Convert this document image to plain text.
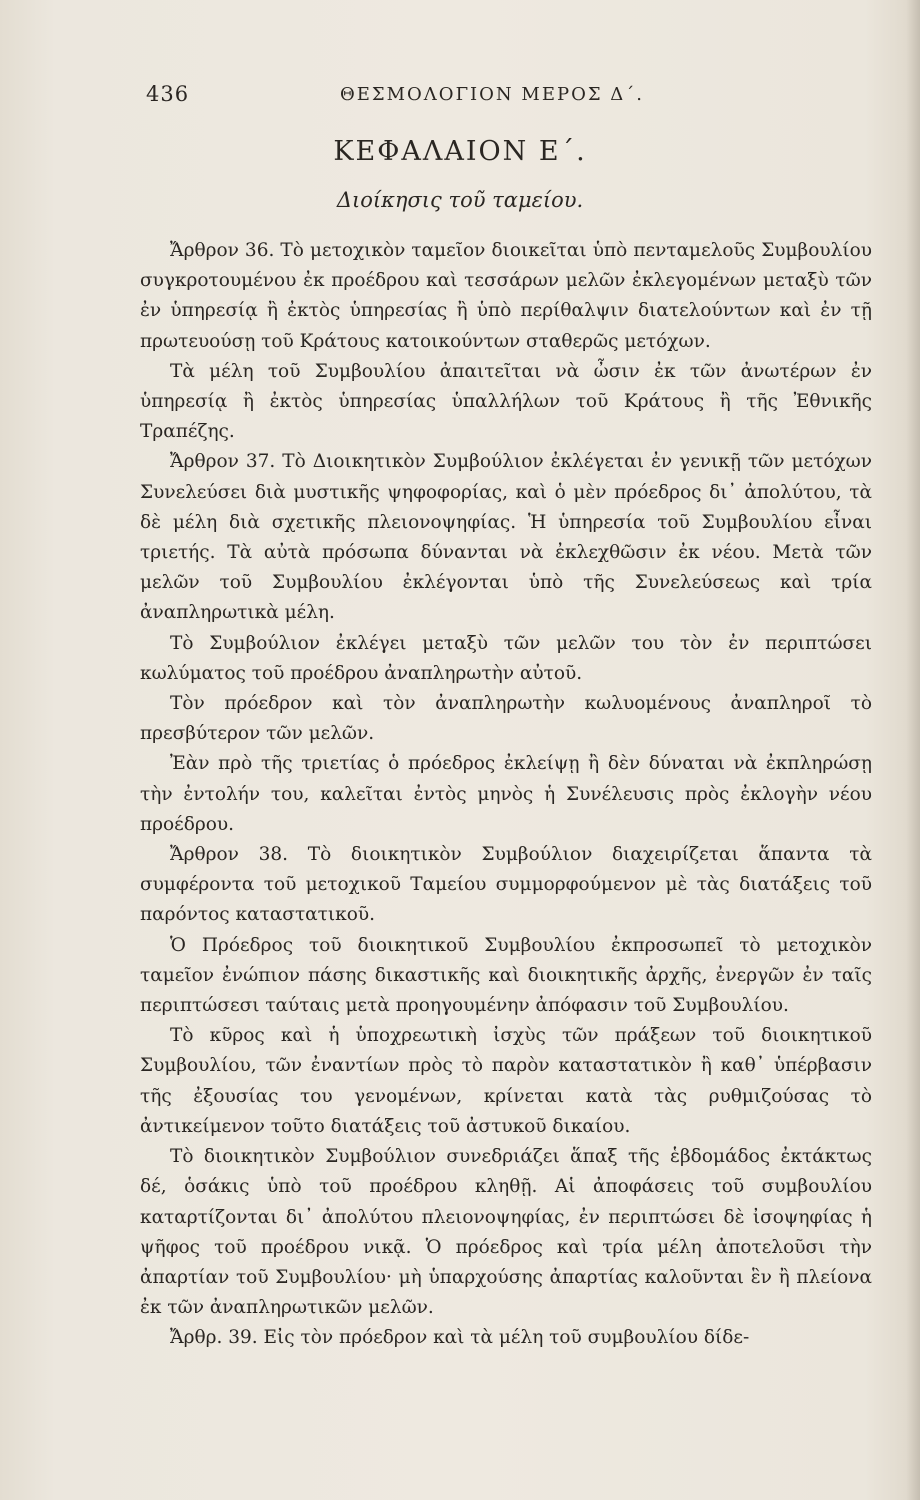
436	ΘΕΣΜΟΛΟΓΙΟΝ ΜΕΡΟΣ Δ΄.
ΚΕΦΑΛΑΙΟΝ Ε΄.
Διοίκησις τοῦ ταμείου.

Ἄρθρον 36. Τὸ μετοχικὸν ταμεῖον διοικεῖται ὑπὸ πενταμελοῦς Συμβουλίου συγκροτουμένου ἐκ προέδρου καὶ τεσσάρων μελῶν ἐκλεγομένων μεταξὺ τῶν ἐν ὑπηρεσίᾳ ἢ ἐκτὸς ὑπηρεσίας ἢ ὑπὸ περίθαλψιν διατελούντων καὶ ἐν τῇ πρωτευούσῃ τοῦ Κράτους κατοικούντων σταθερῶς μετόχων.

Τὰ μέλη τοῦ Συμβουλίου ἀπαιτεῖται νὰ ὦσιν ἐκ τῶν ἀνωτέρων ἐν ὑπηρεσίᾳ ἢ ἐκτὸς ὑπηρεσίας ὑπαλλήλων τοῦ Κράτους ἢ τῆς Ἐθνικῆς Τραπέζης.

Ἄρθρον 37. Τὸ Διοικητικὸν Συμβούλιον ἐκλέγεται ἐν γενικῇ τῶν μετόχων Συνελεύσει διὰ μυστικῆς ψηφοφορίας, καὶ ὁ μὲν πρόεδρος δι᾽ ἀπολύτου, τὰ δὲ μέλη διὰ σχετικῆς πλειονοψηφίας. Ἡ ὑπηρεσία τοῦ Συμβουλίου εἶναι τριετής. Τὰ αὐτὰ πρόσωπα δύνανται νὰ ἐκλεχθῶσιν ἐκ νέου. Μετὰ τῶν μελῶν τοῦ Συμβουλίου ἐκλέγονται ὑπὸ τῆς Συνελεύσεως καὶ τρία ἀναπληρωτικὰ μέλη.

Τὸ Συμβούλιον ἐκλέγει μεταξὺ τῶν μελῶν του τὸν ἐν περιπτώσει κωλύματος τοῦ προέδρου ἀναπληρωτὴν αὐτοῦ.

Τὸν πρόεδρον καὶ τὸν ἀναπληρωτὴν κωλυομένους ἀναπληροῖ τὸ πρεσβύτερον τῶν μελῶν.

Ἐὰν πρὸ τῆς τριετίας ὁ πρόεδρος ἐκλείψῃ ἢ δὲν δύναται νὰ ἐκπληρώσῃ τὴν ἐντολήν του, καλεῖται ἐντὸς μηνὸς ἡ Συνέλευσις πρὸς ἐκλογὴν νέου προέδρου.

Ἄρθρον 38. Τὸ διοικητικὸν Συμβούλιον διαχειρίζεται ἅπαντα τὰ συμφέροντα τοῦ μετοχικοῦ Ταμείου συμμορφούμενον μὲ τὰς διατάξεις τοῦ παρόντος καταστατικοῦ.

Ὁ Πρόεδρος τοῦ διοικητικοῦ Συμβουλίου ἐκπροσωπεῖ τὸ μετοχικὸν ταμεῖον ἐνώπιον πάσης δικαστικῆς καὶ διοικητικῆς ἀρχῆς, ἐνεργῶν ἐν ταῖς περιπτώσεσι ταύταις μετὰ προηγουμένην ἀπόφασιν τοῦ Συμβουλίου.

Τὸ κῦρος καὶ ἡ ὑποχρεωτικὴ ἰσχὺς τῶν πράξεων τοῦ διοικητικοῦ Συμβουλίου, τῶν ἐναντίων πρὸς τὸ παρὸν καταστατικὸν ἢ καθ᾽ ὑπέρβασιν τῆς ἐξουσίας του γενομένων, κρίνεται κατὰ τὰς ρυθμιζούσας τὸ ἀντικείμενον τοῦτο διατάξεις τοῦ ἀστυκοῦ δικαίου.

Τὸ διοικητικὸν Συμβούλιον συνεδριάζει ἅπαξ τῆς ἑβδομάδος ἐκτάκτως δέ, ὁσάκις ὑπὸ τοῦ προέδρου κληθῇ. Αἱ ἀποφάσεις τοῦ συμβουλίου καταρτίζονται δι᾽ ἀπολύτου πλειονοψηφίας, ἐν περιπτώσει δὲ ἰσοψηφίας ἡ ψῆφος τοῦ προέδρου νικᾷ. Ὁ πρόεδρος καὶ τρία μέλη ἀποτελοῦσι τὴν ἀπαρτίαν τοῦ Συμβουλίου· μὴ ὑπαρχούσης ἀπαρτίας καλοῦνται ἓν ἢ πλείονα ἐκ τῶν ἀναπληρωτικῶν μελῶν.

Ἄρθρ. 39. Εἰς τὸν πρόεδρον καὶ τὰ μέλη τοῦ συμβουλίου δίδε-
